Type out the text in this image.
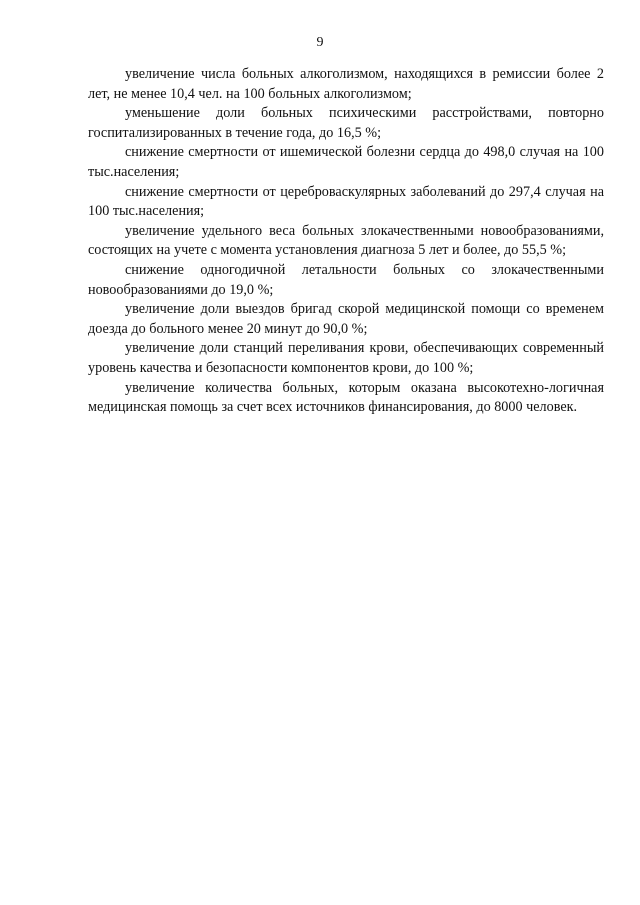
9

увеличение числа больных алкоголизмом, находящихся в ремиссии более 2 лет, не менее 10,4 чел. на 100 больных алкоголизмом;

уменьшение доли больных психическими расстройствами, повторно госпитализированных в течение года, до 16,5 %;

снижение смертности от ишемической болезни сердца до 498,0 случая на 100 тыс.населения;

снижение смертности от цереброваскулярных заболеваний до 297,4 случая на 100 тыс.населения;

увеличение удельного веса больных злокачественными новообразованиями, состоящих на учете с момента установления диагноза 5 лет и более, до 55,5 %;

снижение одногодичной летальности больных со злокачественными новообразованиями до 19,0 %;

увеличение доли выездов бригад скорой медицинской помощи со временем доезда до больного менее 20 минут до 90,0 %;

увеличение доли станций переливания крови, обеспечивающих современный уровень качества и безопасности компонентов крови, до 100 %;

увеличение количества больных, которым оказана высокотехно-логичная медицинская помощь за счет всех источников финансирования, до 8000 человек.
